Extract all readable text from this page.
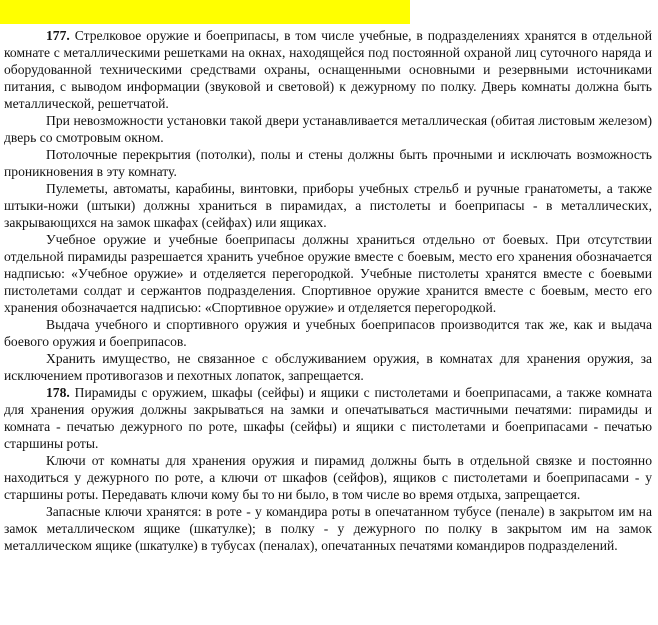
177. Стрелковое оружие и боеприпасы, в том числе учебные, в подразделениях хранятся в отдельной комнате с металлическими решетками на окнах, находящейся под постоянной охраной лиц суточного наряда и оборудованной техническими средствами охраны, оснащенными основными и резервными источниками питания, с выводом информации (звуковой и световой) к дежурному по полку. Дверь комнаты должна быть металлической, решетчатой.

При невозможности установки такой двери устанавливается металлическая (обитая листовым железом) дверь со смотровым окном.

Потолочные перекрытия (потолки), полы и стены должны быть прочными и исключать возможность проникновения в эту комнату.

Пулеметы, автоматы, карабины, винтовки, приборы учебных стрельб и ручные гранатометы, а также штыки-ножи (штыки) должны храниться в пирамидах, а пистолеты и боеприпасы - в металлических, закрывающихся на замок шкафах (сейфах) или ящиках.

Учебное оружие и учебные боеприпасы должны храниться отдельно от боевых. При отсутствии отдельной пирамиды разрешается хранить учебное оружие вместе с боевым, место его хранения обозначается надписью: «Учебное оружие» и отделяется перегородкой. Учебные пистолеты хранятся вместе с боевыми пистолетами солдат и сержантов подразделения. Спортивное оружие хранится вместе с боевым, место его хранения обозначается надписью: «Спортивное оружие» и отделяется перегородкой.

Выдача учебного и спортивного оружия и учебных боеприпасов производится так же, как и выдача боевого оружия и боеприпасов.

Хранить имущество, не связанное с обслуживанием оружия, в комнатах для хранения оружия, за исключением противогазов и пехотных лопаток, запрещается.

178. Пирамиды с оружием, шкафы (сейфы) и ящики с пистолетами и боеприпасами, а также комната для хранения оружия должны закрываться на замки и опечатываться мастичными печатями: пирамиды и комната - печатью дежурного по роте, шкафы (сейфы) и ящики с пистолетами и боеприпасами - печатью старшины роты.

Ключи от комнаты для хранения оружия и пирамид должны быть в отдельной связке и постоянно находиться у дежурного по роте, а ключи от шкафов (сейфов), ящиков с пистолетами и боеприпасами - у старшины роты. Передавать ключи кому бы то ни было, в том числе во время отдыха, запрещается.

Запасные ключи хранятся: в роте - у командира роты в опечатанном тубусе (пенале) в закрытом им на замок металлическом ящике (шкатулке); в полку - у дежурного по полку в закрытом им на замок металлическом ящике (шкатулке) в тубусах (пеналах), опечатанных печатями командиров подразделений.
